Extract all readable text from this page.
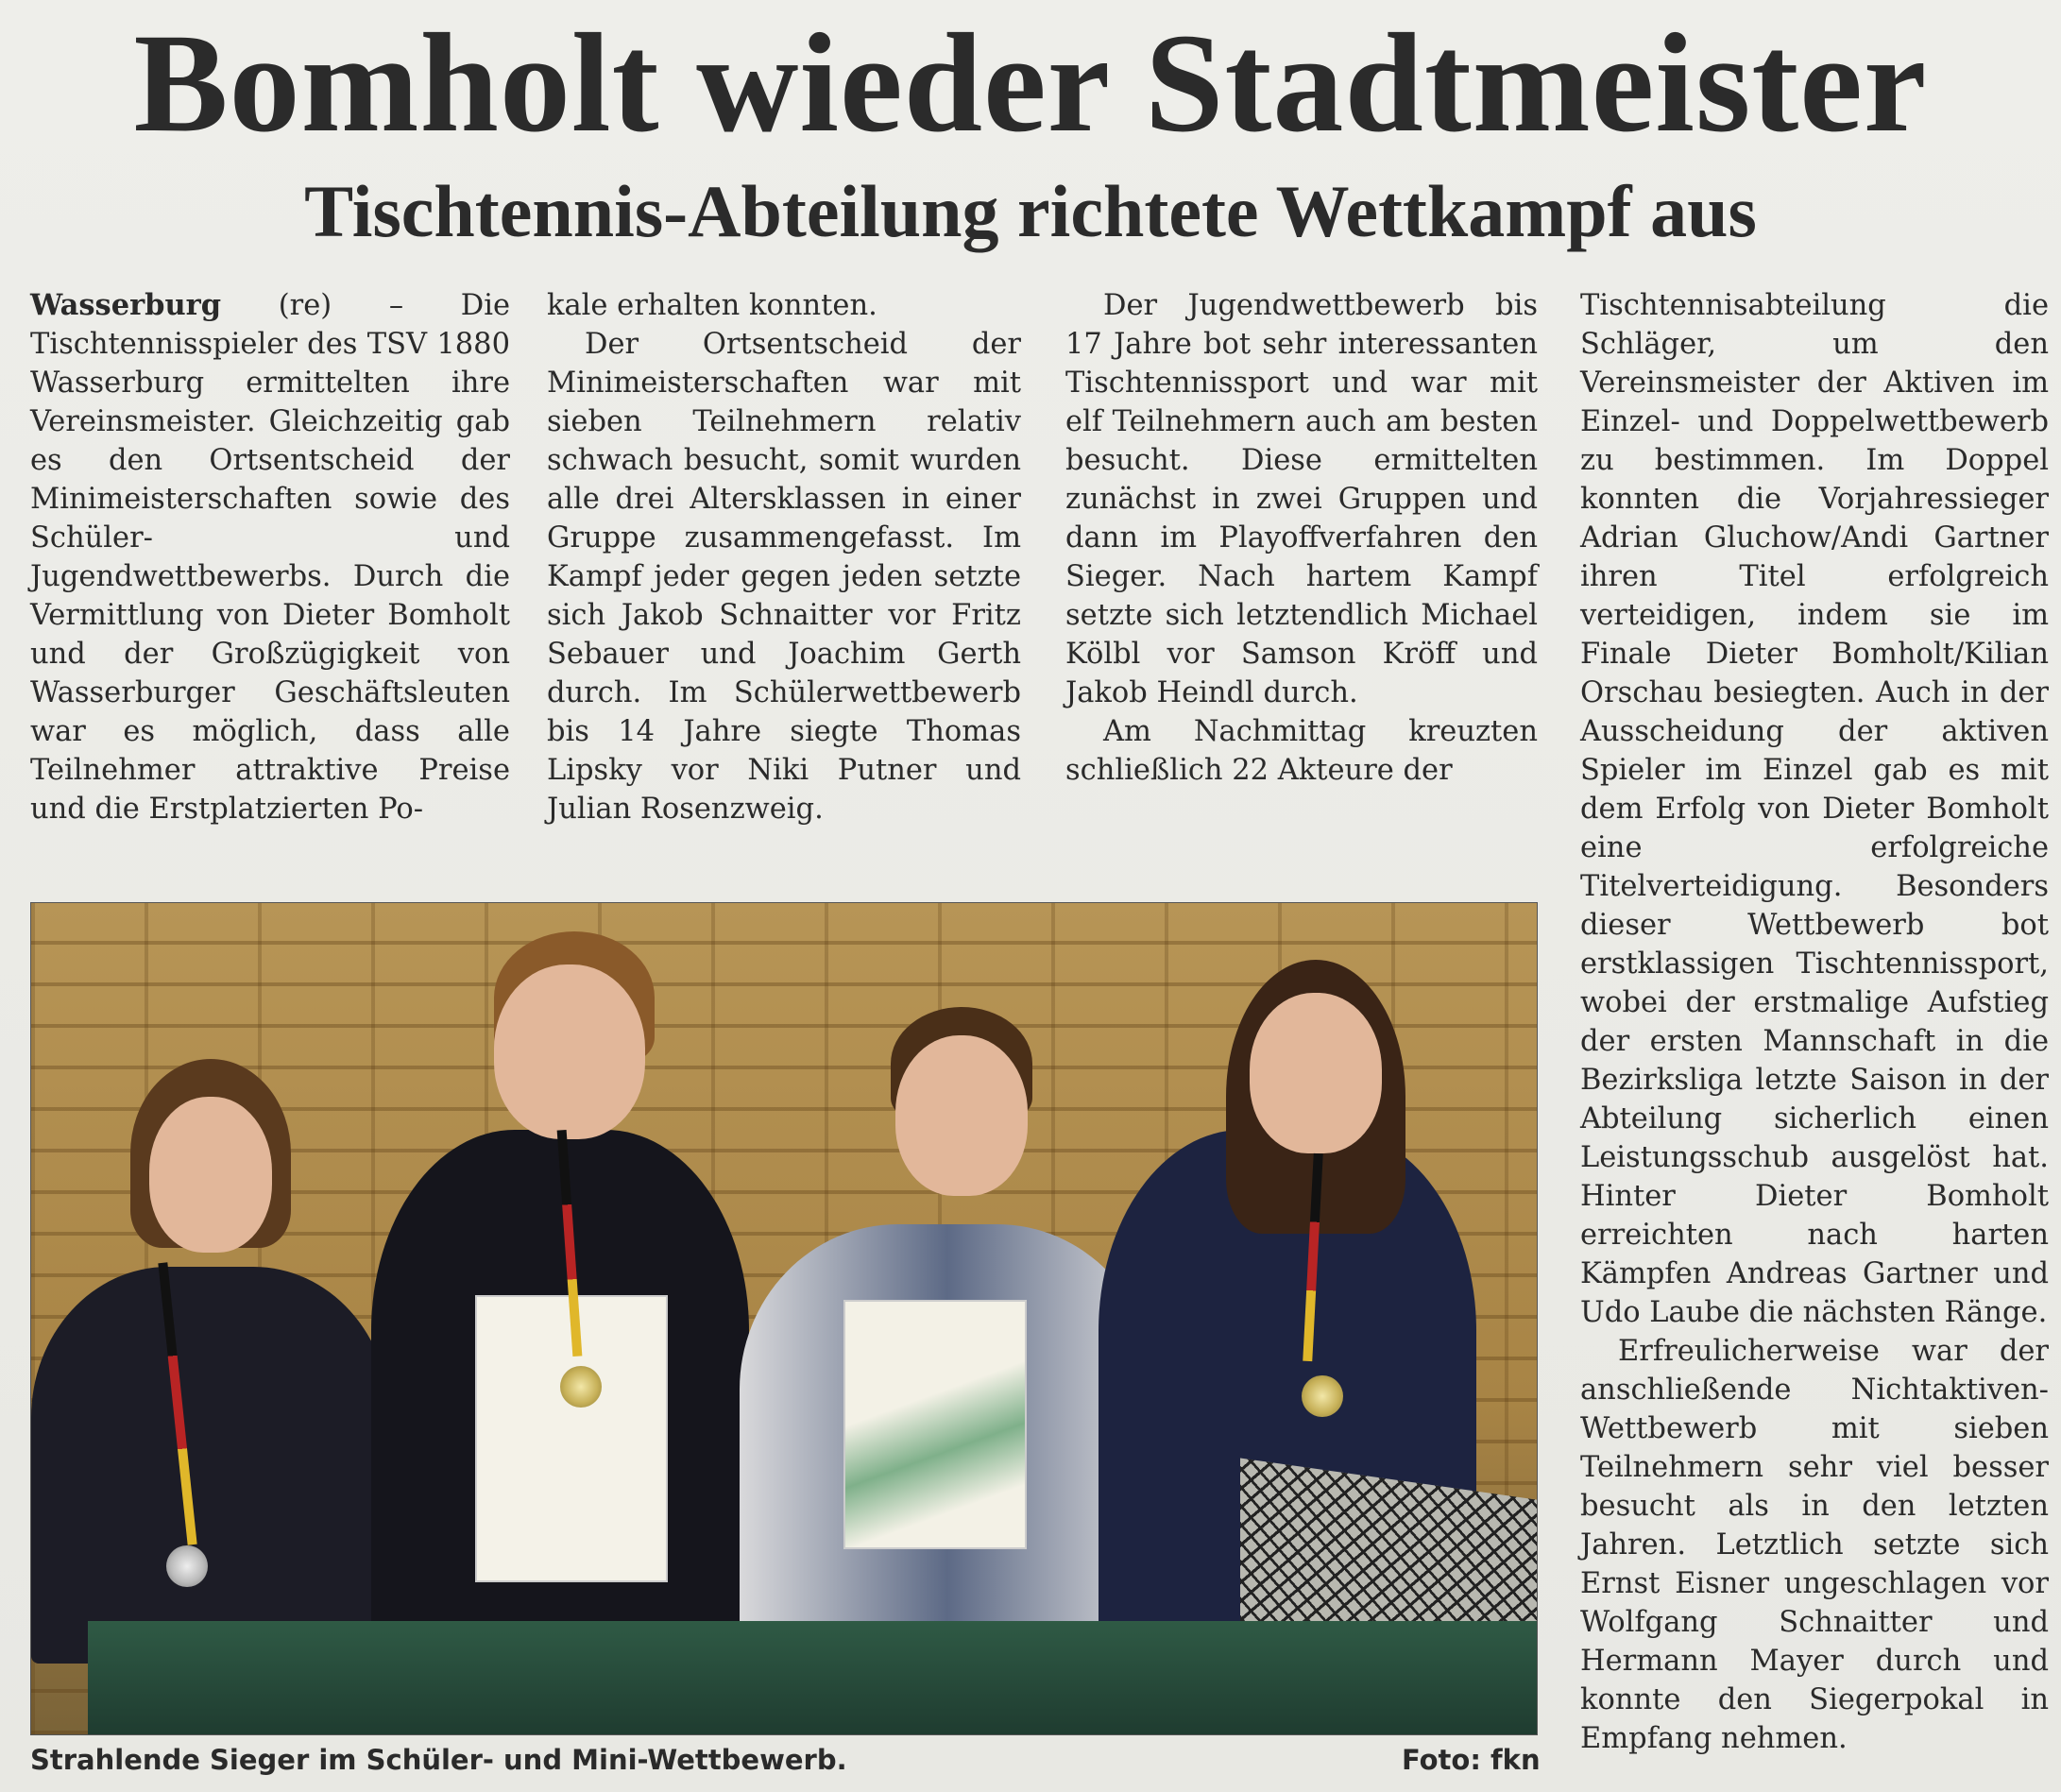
Bomholt wieder Stadtmeister
Tischtennis-Abteilung richtete Wettkampf aus

Wasserburg (re) – Die Tischtennisspieler des TSV 1880 Wasserburg ermittelten ihre Vereinsmeister. Gleichzeitig gab es den Ortsentscheid der Minimeisterschaften sowie des Schüler- und Jugendwettbewerbs. Durch die Vermittlung von Dieter Bomholt und der Großzügigkeit von Wasserburger Geschäftsleuten war es möglich, dass alle Teilnehmer attraktive Preise und die Erstplatzierten Po-

kale erhalten konnten.

Der Ortsentscheid der Minimeisterschaften war mit sieben Teilnehmern relativ schwach besucht, somit wurden alle drei Altersklassen in einer Gruppe zusammengefasst. Im Kampf jeder gegen jeden setzte sich Jakob Schnaitter vor Fritz Sebauer und Joachim Gerth durch. Im Schülerwettbewerb bis 14 Jahre siegte Thomas Lipsky vor Niki Putner und Julian Rosenzweig.

Der Jugendwettbewerb bis 17 Jahre bot sehr interessanten Tischtennissport und war mit elf Teilnehmern auch am besten besucht. Diese ermittelten zunächst in zwei Gruppen und dann im Playoffverfahren den Sieger. Nach hartem Kampf setzte sich letztendlich Michael Kölbl vor Samson Kröff und Jakob Heindl durch.

Am Nachmittag kreuzten schließlich 22 Akteure der

Tischtennisabteilung die Schläger, um den Vereinsmeister der Aktiven im Einzel- und Doppelwettbewerb zu bestimmen. Im Doppel konnten die Vorjahressieger Adrian Gluchow/Andi Gartner ihren Titel erfolgreich verteidigen, indem sie im Finale Dieter Bomholt/Kilian Orschau besiegten. Auch in der Ausscheidung der aktiven Spieler im Einzel gab es mit dem Erfolg von Dieter Bomholt eine erfolgreiche Titelverteidigung. Besonders dieser Wettbewerb bot erstklassigen Tischtennissport, wobei der erstmalige Aufstieg der ersten Mannschaft in die Bezirksliga letzte Saison in der Abteilung sicherlich einen Leistungsschub ausgelöst hat. Hinter Dieter Bomholt erreichten nach harten Kämpfen Andreas Gartner und Udo Laube die nächsten Ränge.

Erfreulicherweise war der anschließende Nichtaktiven-Wettbewerb mit sieben Teilnehmern sehr viel besser besucht als in den letzten Jahren. Letztlich setzte sich Ernst Eisner ungeschlagen vor Wolfgang Schnaitter und Hermann Mayer durch und konnte den Siegerpokal in Empfang nehmen.

Strahlende Sieger im Schüler- und Mini-Wettbewerb.	Foto: fkn
